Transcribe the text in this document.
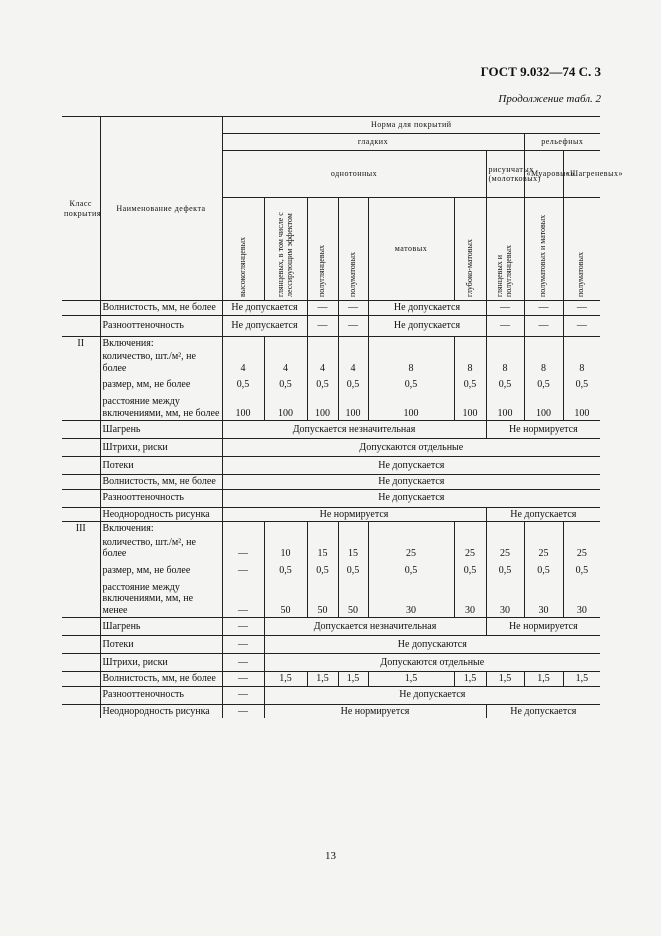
ГОСТ 9.032—74 С. 3
Продолжение табл. 2
Класс покрытия	Наименование дефекта	Норма для покрытий								
		гладких							рельефных	
		однотонных						рисунчатых (молотковых)	«Муаровых»	«Шагреневых»

		высокоглянцевых	глянцевых, в том числе с лессирующим эффектом	полуглянцевых	полуматовых	матовых	глубоко-матовых	глянцевых и полуглянцевых	полуматовых и матовых	полуматовых

	Волнистость, мм, не более	Не допускается		—	—	Не допускается		—	—	—
	Разнооттеночность	Не допускается		—	—	Не допускается		—	—	—
II	Включения:									
	количество, шт./м², не более	4	4	4	4	8	8	8	8	8
	размер, мм, не более	0,5	0,5	0,5	0,5	0,5	0,5	0,5	0,5	0,5
	расстояние между включениями, мм, не более	100	100	100	100	100	100	100	100	100
	Шагрень	Допускается незначительная						Не нормируется		
	Штрихи, риски	Допускаются отдельные								
	Потеки	Не допускается								
	Волнистость, мм, не более	Не допускается								
	Разнооттеночность	Не допускается								
	Неоднородность рисунка	Не нормируется						Не допускается		
III	Включения:									
	количество, шт./м², не более	—	10	15	15	25	25	25	25	25
	размер, мм, не более	—	0,5	0,5	0,5	0,5	0,5	0,5	0,5	0,5
	расстояние между включениями, мм, не менее	—	50	50	50	30	30	30	30	30
	Шагрень	—	Допускается незначительная					Не нормируется		
	Потеки	—	Не допускаются							
	Штрихи, риски	—	Допускаются отдельные							
	Волнистость, мм, не более	—	1,5	1,5	1,5	1,5	1,5	1,5	1,5	1,5
	Разнооттеночность	—	Не допускается							
	Неоднородность рисунка	—	Не нормируется					Не допускается		
13
